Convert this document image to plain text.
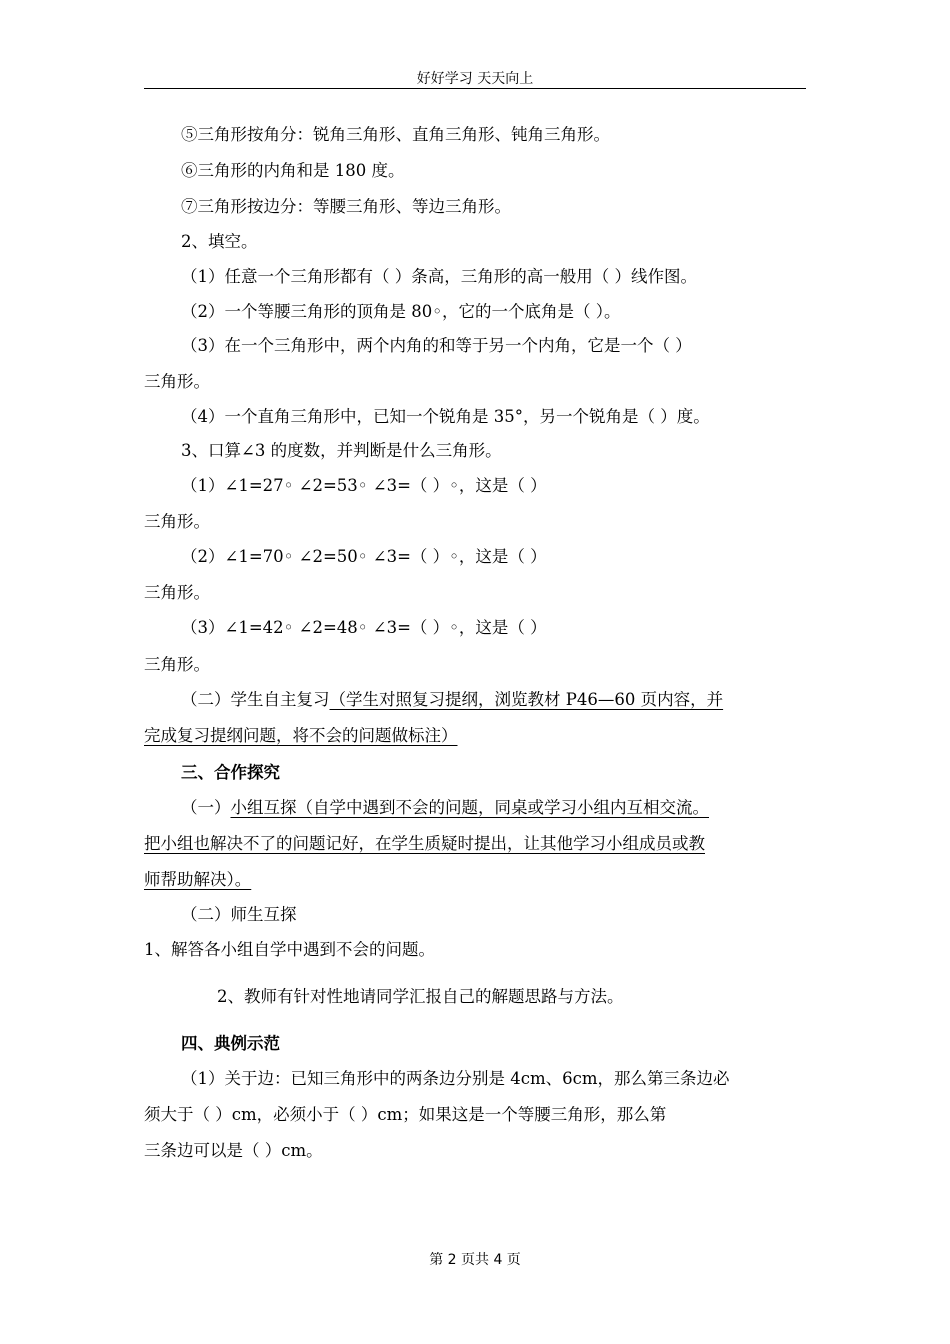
好好学习 天天向上
⑤三角形按角分：锐角三角形、直角三角形、钝角三角形。
⑥三角形的内角和是 180 度。
⑦三角形按边分：等腰三角形、等边三角形。
2、填空。
（1）任意一个三角形都有（ ）条高，三角形的高一般用（ ）线作图。
（2）一个等腰三角形的顶角是 80◦，它的一个底角是（ ）。
（3）在一个三角形中，两个内角的和等于另一个内角，它是一个（ ）
三角形。
（4）一个直角三角形中，已知一个锐角是 35°，另一个锐角是（ ）度。
3、口算∠3 的度数，并判断是什么三角形。
（1）∠1=27◦ ∠2=53◦ ∠3=（ ）◦，这是（ ）
三角形。
（2）∠1=70◦ ∠2=50◦ ∠3=（ ）◦，这是（ ）
三角形。
（3）∠1=42◦ ∠2=48◦ ∠3=（ ）◦，这是（ ）
三角形。
（二）学生自主复习（学生对照复习提纲，浏览教材 P46—60 页内容，并
完成复习提纲问题，将不会的问题做标注）
三、合作探究
（一）小组互探（自学中遇到不会的问题，同桌或学习小组内互相交流。
把小组也解决不了的问题记好，在学生质疑时提出，让其他学习小组成员或教
师帮助解决）。
（二）师生互探
1、解答各小组自学中遇到不会的问题。
2、教师有针对性地请同学汇报自己的解题思路与方法。
四、典例示范
（1）关于边：已知三角形中的两条边分别是 4cm、6cm，那么第三条边必
须大于（ ）cm，必须小于（ ）cm；如果这是一个等腰三角形，那么第
三条边可以是（ ）cm。
第 2 页共 4 页
